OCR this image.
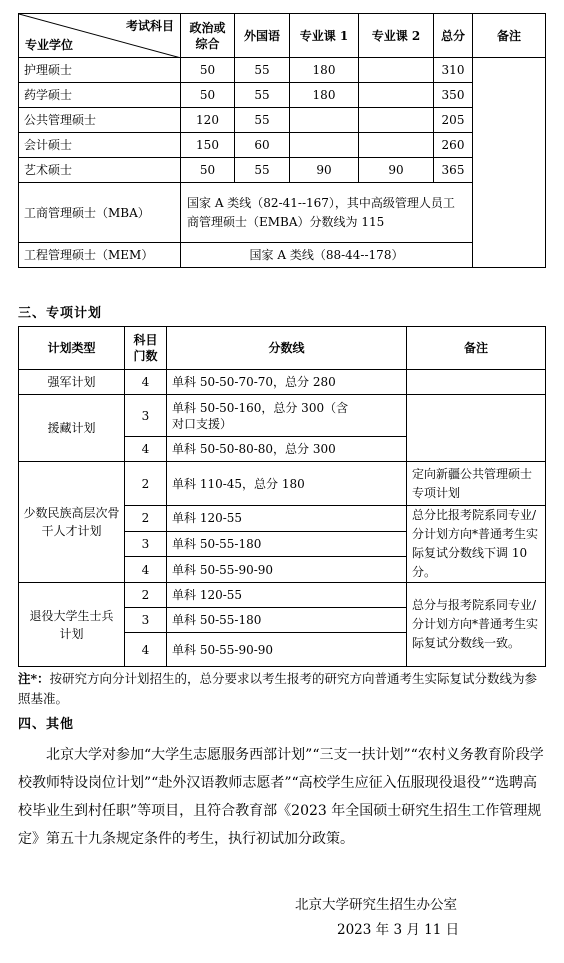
考试科目
专业学位	政治或综合	外国语	专业课 1	专业课 2	总分	备注
护理硕士	50	55	180		310	
药学硕士	50	55	180		350	
公共管理硕士	120	55			205	
会计硕士	150	60			260	
艺术硕士	50	55	90	90	365	
工商管理硕士（MBA）	国家 A 类线（82-41--167），其中高级管理人员工商管理硕士（EMBA）分数线为 115					
工程管理硕士（MEM）	国家 A 类线（88-44--178）					
三、专项计划
计划类型	科目门数	分数线	备注
强军计划	4	单科 50-50-70-70，总分 280	
援藏计划	3	单科 50-50-160，总分 300（含对口支援）	
	4	单科 50-50-80-80，总分 300	
少数民族高层次骨干人才计划	2	单科 110-45，总分 180	定向新疆公共管理硕士专项计划
	2	单科 120-55	总分比报考院系同专业/分计划方向*普通考生实际复试分数线下调 10 分。
	3	单科 50-55-180	
	4	单科 50-55-90-90	
退役大学生士兵计划	2	单科 120-55	总分与报考院系同专业/分计划方向*普通考生实际复试分数线一致。
	3	单科 50-55-180	
	4	单科 50-55-90-90	
注*：按研究方向分计划招生的，总分要求以考生报考的研究方向普通考生实际复试分数线为参照基准。
四、其他
北京大学对参加“大学生志愿服务西部计划”“三支一扶计划”“农村义务教育阶段学校教师特设岗位计划”“赴外汉语教师志愿者”“高校学生应征入伍服现役退役”“选聘高校毕业生到村任职”等项目，且符合教育部《2023 年全国硕士研究生招生工作管理规定》第五十九条规定条件的考生，执行初试加分政策。
北京大学研究生招生办公室
2023 年 3 月 11 日
